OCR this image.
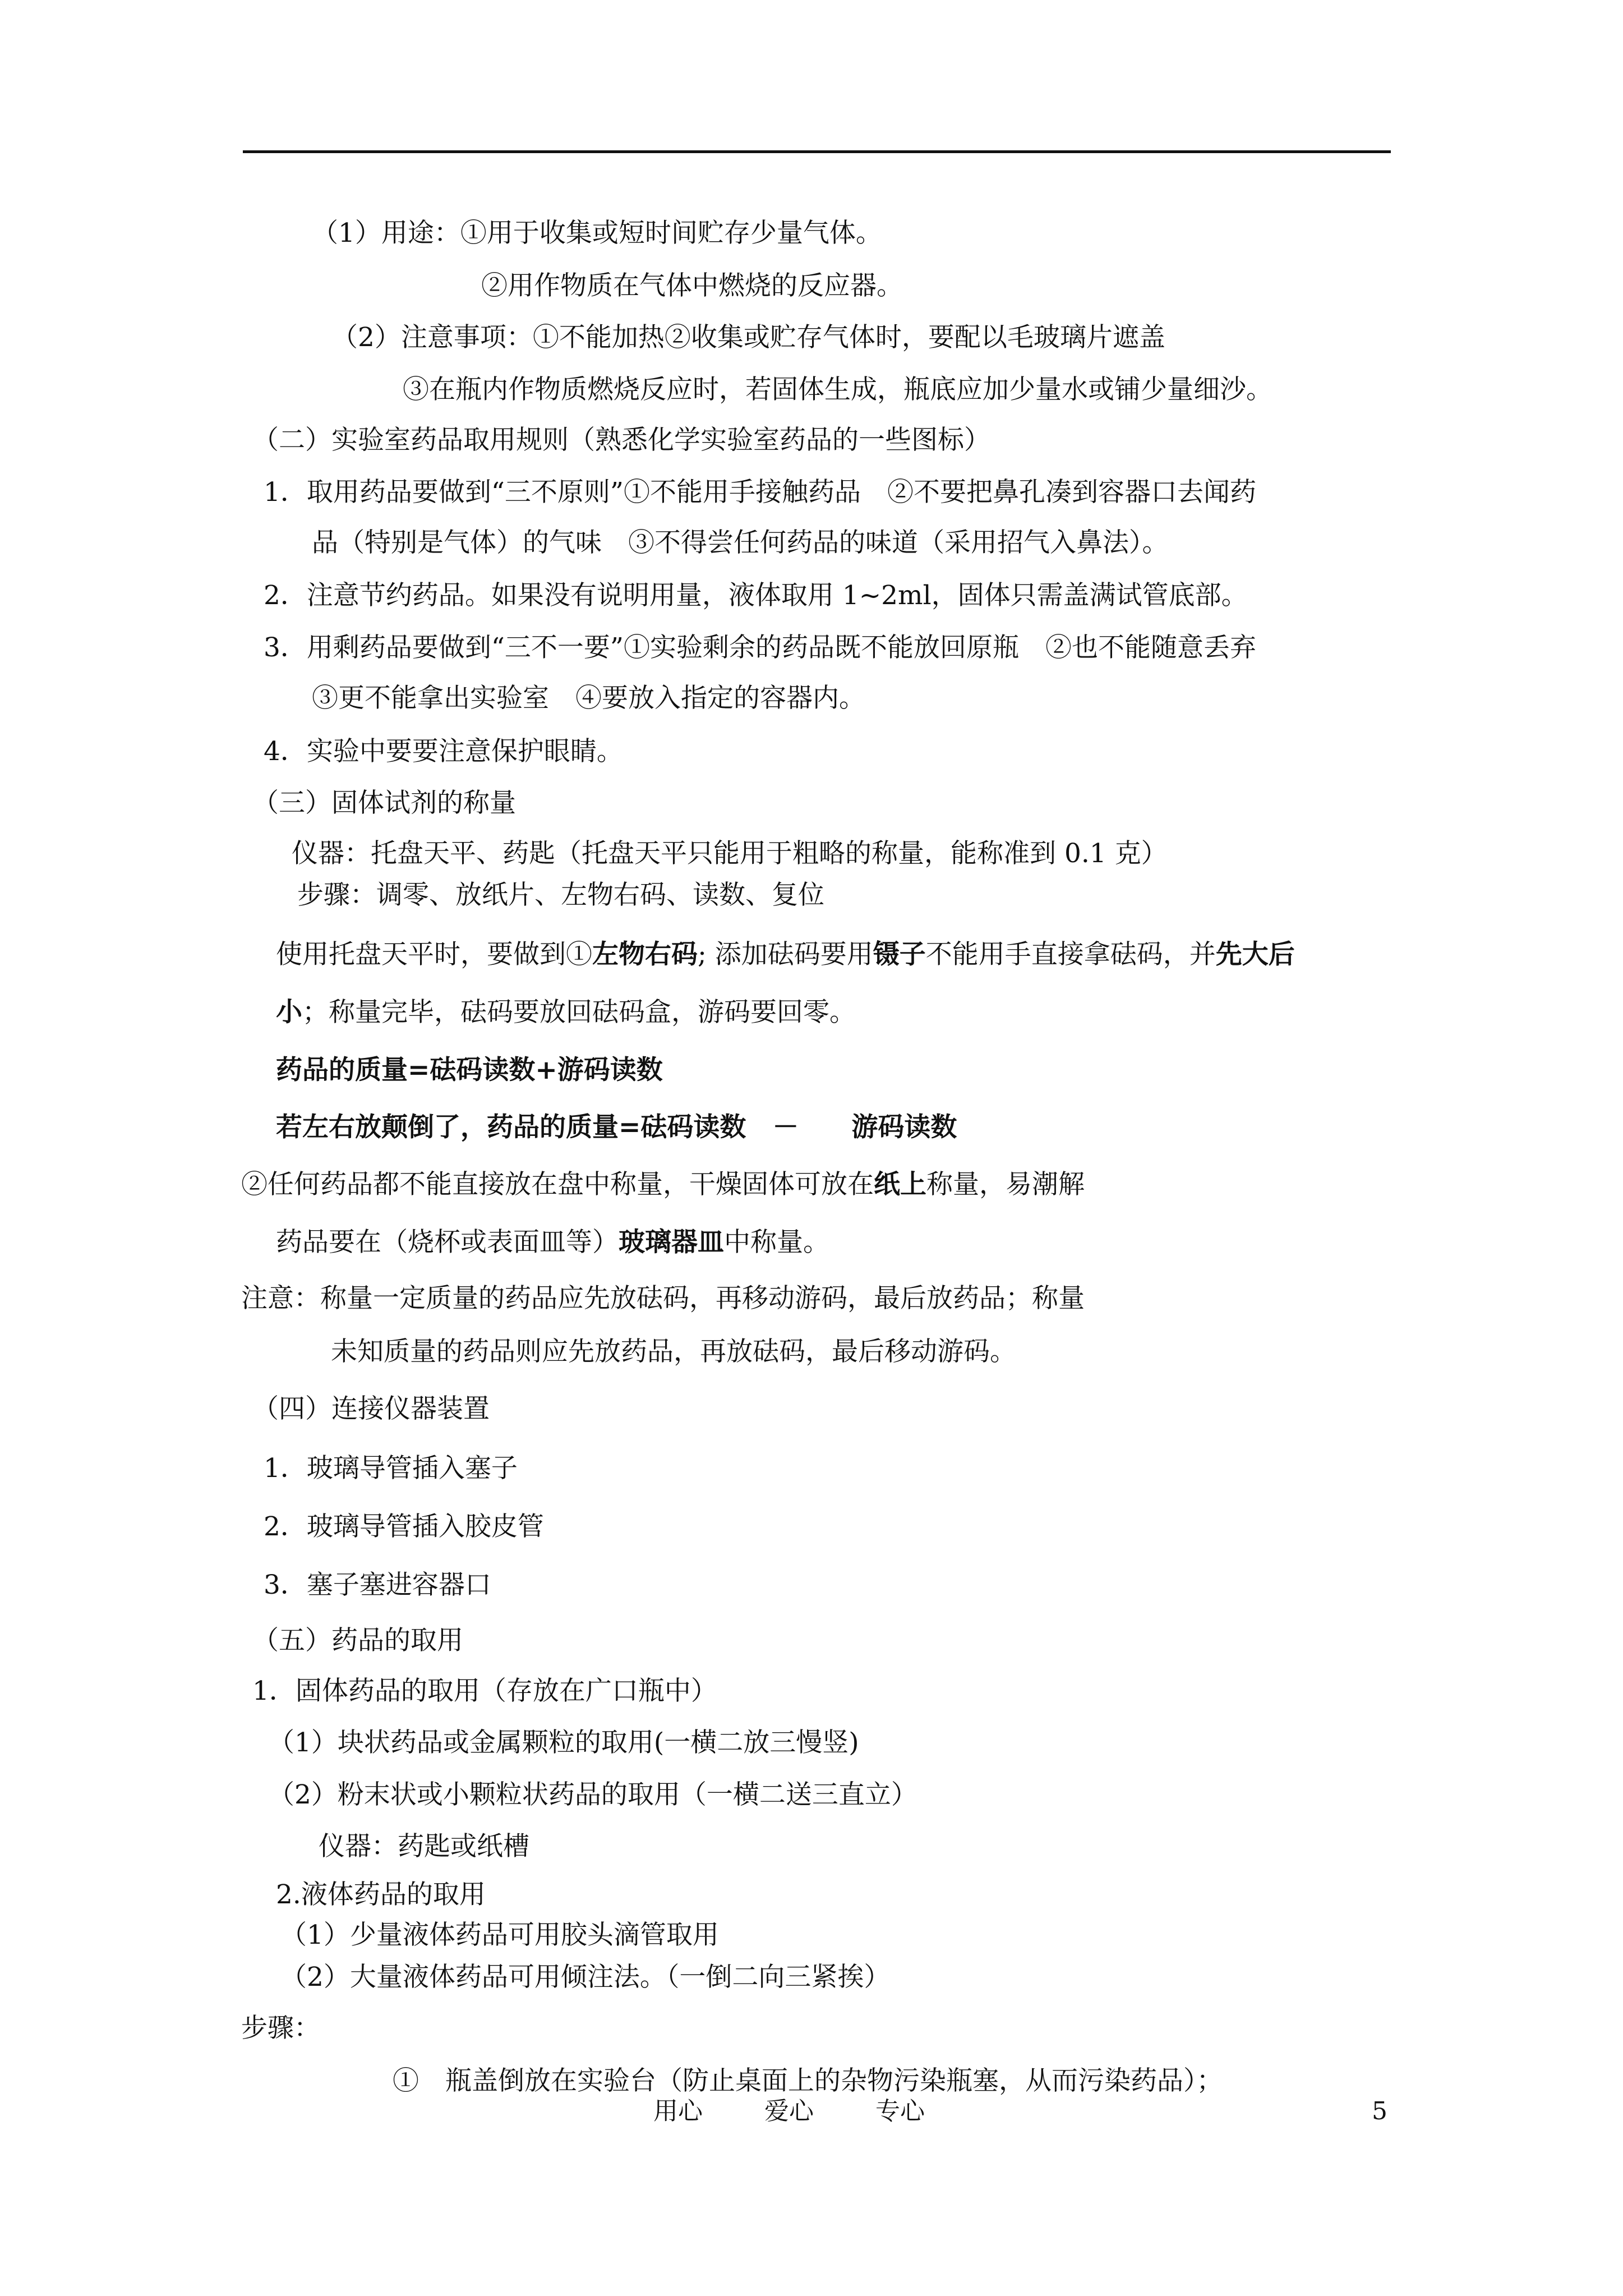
（1）用途：①用于收集或短时间贮存少量气体。
②用作物质在气体中燃烧的反应器。
（2）注意事项：①不能加热②收集或贮存气体时，要配以毛玻璃片遮盖
③在瓶内作物质燃烧反应时，若固体生成，瓶底应加少量水或铺少量细沙。
（二）实验室药品取用规则（熟悉化学实验室药品的一些图标）
1．取用药品要做到“三不原则”①不能用手接触药品　②不要把鼻孔凑到容器口去闻药
品（特别是气体）的气味　③不得尝任何药品的味道（采用招气入鼻法）。
2．注意节约药品。如果没有说明用量，液体取用 1~2ml，固体只需盖满试管底部。
3．用剩药品要做到“三不一要”①实验剩余的药品既不能放回原瓶　②也不能随意丢弃
③更不能拿出实验室　④要放入指定的容器内。
4．实验中要要注意保护眼睛。
（三）固体试剂的称量
仪器：托盘天平、药匙（托盘天平只能用于粗略的称量，能称准到 0.1 克）
步骤：调零、放纸片、左物右码、读数、复位
使用托盘天平时，要做到①左物右码; 添加砝码要用镊子不能用手直接拿砝码，并先大后
小；称量完毕，砝码要放回砝码盒，游码要回零。
药品的质量=砝码读数+游码读数
若左右放颠倒了，药品的质量=砝码读数　－　　游码读数
②任何药品都不能直接放在盘中称量，干燥固体可放在纸上称量，易潮解
药品要在（烧杯或表面皿等）玻璃器皿中称量。
注意：称量一定质量的药品应先放砝码，再移动游码，最后放药品；称量
未知质量的药品则应先放药品，再放砝码，最后移动游码。
（四）连接仪器装置
1．玻璃导管插入塞子
2．玻璃导管插入胶皮管
3．塞子塞进容器口
（五）药品的取用
1．固体药品的取用（存放在广口瓶中）
（1）块状药品或金属颗粒的取用(一横二放三慢竖)
（2）粉末状或小颗粒状药品的取用（一横二送三直立）
仪器：药匙或纸槽
2.液体药品的取用
（1）少量液体药品可用胶头滴管取用
（2）大量液体药品可用倾注法。（一倒二向三紧挨）
步骤：
①　瓶盖倒放在实验台（防止桌面上的杂物污染瓶塞，从而污染药品）；
用心	爱心	专心	5
